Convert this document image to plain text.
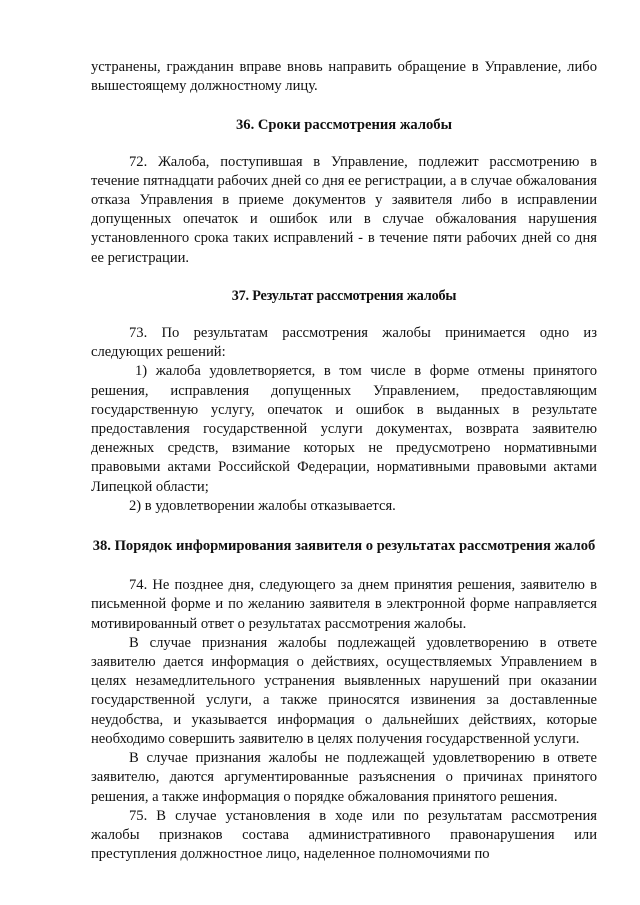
устранены, гражданин вправе вновь направить обращение в Управление, либо вышестоящему должностному лицу.

36. Сроки рассмотрения жалобы

72. Жалоба, поступившая в Управление, подлежит рассмотрению в течение пятнадцати рабочих дней со дня ее регистрации, а в случае обжалования отказа Управления в приеме документов у заявителя либо в исправлении допущенных опечаток и ошибок или в случае обжалования нарушения установленного срока таких исправлений - в течение пяти рабочих дней со дня ее регистрации.

37. Результат рассмотрения жалобы

73. По результатам рассмотрения жалобы принимается одно из следующих решений:

1) жалоба удовлетворяется, в том числе в форме отмены принятого решения, исправления допущенных Управлением, предоставляющим государственную услугу, опечаток и ошибок в выданных в результате предоставления государственной услуги документах, возврата заявителю денежных средств, взимание которых не предусмотрено нормативными правовыми актами Российской Федерации, нормативными правовыми актами Липецкой области;

2) в удовлетворении жалобы отказывается.

38. Порядок информирования заявителя о результатах рассмотрения жалоб

74. Не позднее дня, следующего за днем принятия решения, заявителю в письменной форме и по желанию заявителя в электронной форме направляется мотивированный ответ о результатах рассмотрения жалобы.

В случае признания жалобы подлежащей удовлетворению в ответе заявителю дается информация о действиях, осуществляемых Управлением в целях незамедлительного устранения выявленных нарушений при оказании государственной услуги, а также приносятся извинения за доставленные неудобства, и указывается информация о дальнейших действиях, которые необходимо совершить заявителю в целях получения государственной услуги.

В случае признания жалобы не подлежащей удовлетворению в ответе заявителю, даются аргументированные разъяснения о причинах принятого решения, а также информация о порядке обжалования принятого решения.

75. В случае установления в ходе или по результатам рассмотрения жалобы признаков состава административного правонарушения или преступления должностное лицо, наделенное полномочиями по
